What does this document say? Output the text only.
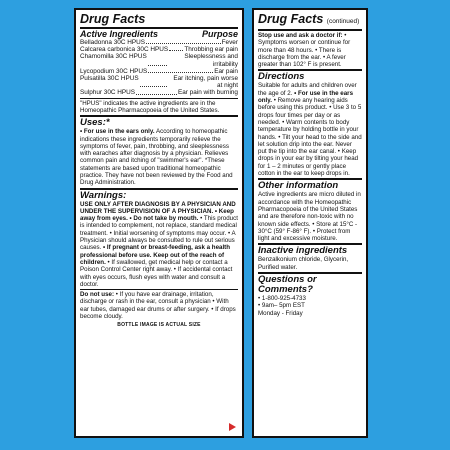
Drug Facts
Active Ingredients	Purpose
Belladonna 30C HPUS	Fever
Calcarea carbonica 30C HPUS	Throbbing ear pain
Chamomilla 30C HPUS	Sleeplessness and irritability
Lycopodium 30C HPUS	Ear pain
Pulsatilla 30C HPUS	Ear itching, pain worse at night
Sulphur 30C HPUS	Ear pain with burning

"HPUS" indicates the active ingredients are in the Homeopathic Pharmacopoeia of the United States.

Uses:*

• For use in the ears only. According to homeopathic indications these ingredients temporarily relieve the symptoms of fever, pain, throbbing, and sleeplessness with earaches after diagnosis by a physician. Relieves common pain and itching of "swimmer's ear". *These statements are based upon traditional homeopathic practice. They have not been reviewed by the Food and Drug Administration.

Warnings:

USE ONLY AFTER DIAGNOSIS BY A PHYSICIAN AND UNDER THE SUPERVISION OF A PHYSICIAN. • Keep away from eyes. • Do not take by mouth. • This product is intended to complement, not replace, standard medical treatment. • Initial worsening of symptoms may occur. • A Physician should always be consulted to rule out serious causes. • If pregnant or breast-feeding, ask a health professional before use. Keep out of the reach of children. • If swallowed, get medical help or contact a Poison Control Center right away. • If accidental contact with eyes occurs, flush eyes with water and consult a doctor.

Do not use: • If you have ear drainage, irritation, discharge or rash in the ear, consult a physician • With ear tubes, damaged ear drums or after surgery. • If drops become cloudy.

BOTTLE IMAGE IS ACTUAL SIZE
Drug Facts (continued)

Stop use and ask a doctor if: • Symptoms worsen or continue for more than 48 hours. • There is discharge from the ear. • A fever greater than 102° F is present.

Directions

Suitable for adults and children over the age of 2. • For use in the ears only. • Remove any hearing aids before using this product. • Use 3 to 5 drops four times per day or as needed. • Warm contents to body temperature by holding bottle in your hands. • Tilt your head to the side and let solution drip into the ear. Never put the tip into the ear canal. • Keep drops in your ear by tilting your head for 1 – 2 minutes or gently place cotton in the ear to keep drops in.

Other information

Active ingredients are micro diluted in accordance with the Homeopathic Pharmacopoeia of the United States and are therefore non-toxic with no known side effects. • Store at 15°C - 30°C (59° F-86° F). • Protect from light and excessive moisture.

Inactive ingredients

Benzalkonium chloride, Glycerin, Purified water.

Questions or Comments?

• 1-800-925-4733

• 9am– 5pm EST

Monday - Friday
